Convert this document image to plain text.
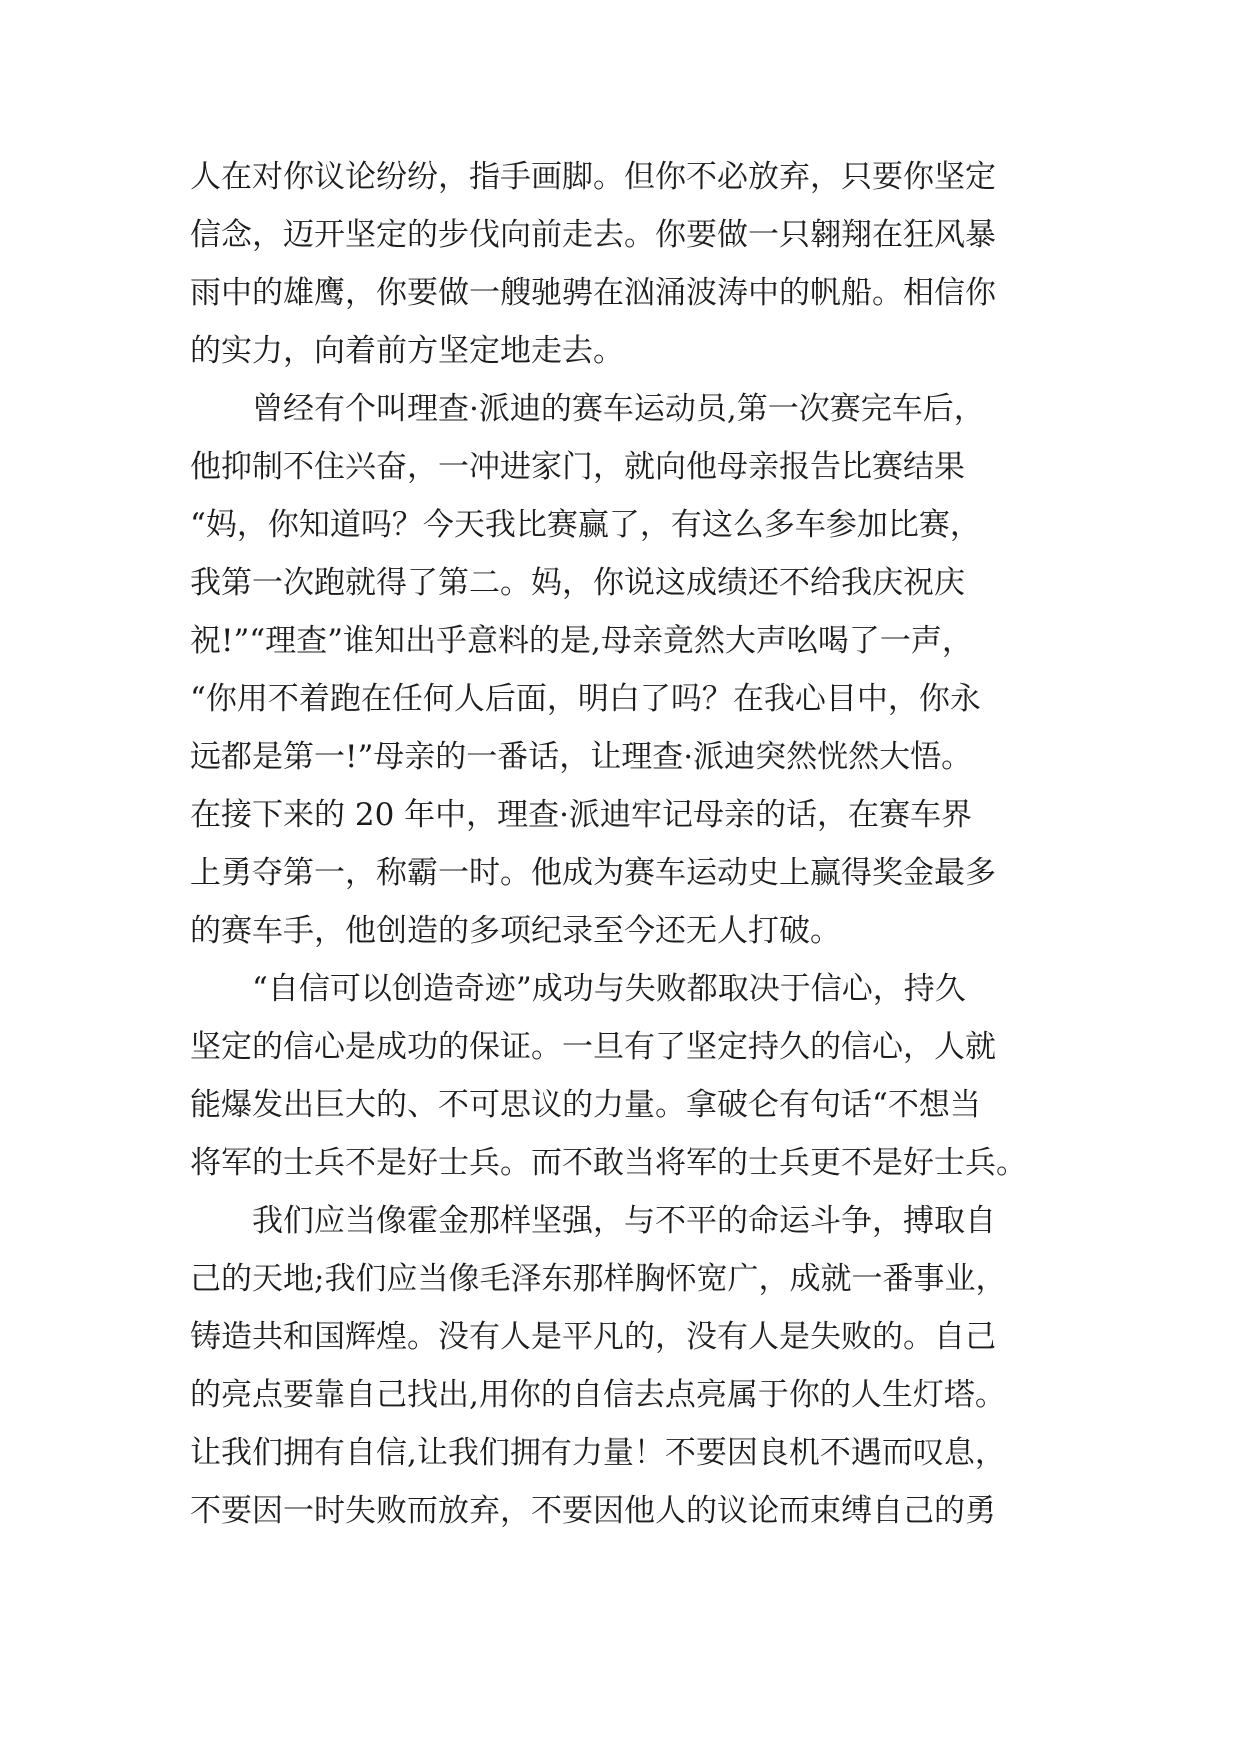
人在对你议论纷纷，指手画脚。但你不必放弃，只要你坚定
信念，迈开坚定的步伐向前走去。你要做一只翱翔在狂风暴
雨中的雄鹰，你要做一艘驰骋在汹涌波涛中的帆船。相信你
的实力，向着前方坚定地走去。
曾经有个叫理查·派迪的赛车运动员,第一次赛完车后，
他抑制不住兴奋，一冲进家门，就向他母亲报告比赛结果
“妈，你知道吗？今天我比赛赢了，有这么多车参加比赛，
我第一次跑就得了第二。妈，你说这成绩还不给我庆祝庆
祝!”“理查”谁知出乎意料的是,母亲竟然大声吆喝了一声，
“你用不着跑在任何人后面，明白了吗？在我心目中，你永
远都是第一!”母亲的一番话，让理查·派迪突然恍然大悟。
在接下来的 20 年中，理查·派迪牢记母亲的话，在赛车界
上勇夺第一，称霸一时。他成为赛车运动史上赢得奖金最多
的赛车手，他创造的多项纪录至今还无人打破。
“自信可以创造奇迹”成功与失败都取决于信心，持久
坚定的信心是成功的保证。一旦有了坚定持久的信心，人就
能爆发出巨大的、不可思议的力量。拿破仑有句话“不想当
将军的士兵不是好士兵。而不敢当将军的士兵更不是好士兵。
我们应当像霍金那样坚强，与不平的命运斗争，搏取自
己的天地;我们应当像毛泽东那样胸怀宽广，成就一番事业，
铸造共和国辉煌。没有人是平凡的，没有人是失败的。自己
的亮点要靠自己找出,用你的自信去点亮属于你的人生灯塔。
让我们拥有自信,让我们拥有力量！不要因良机不遇而叹息，
不要因一时失败而放弃，不要因他人的议论而束缚自己的勇
